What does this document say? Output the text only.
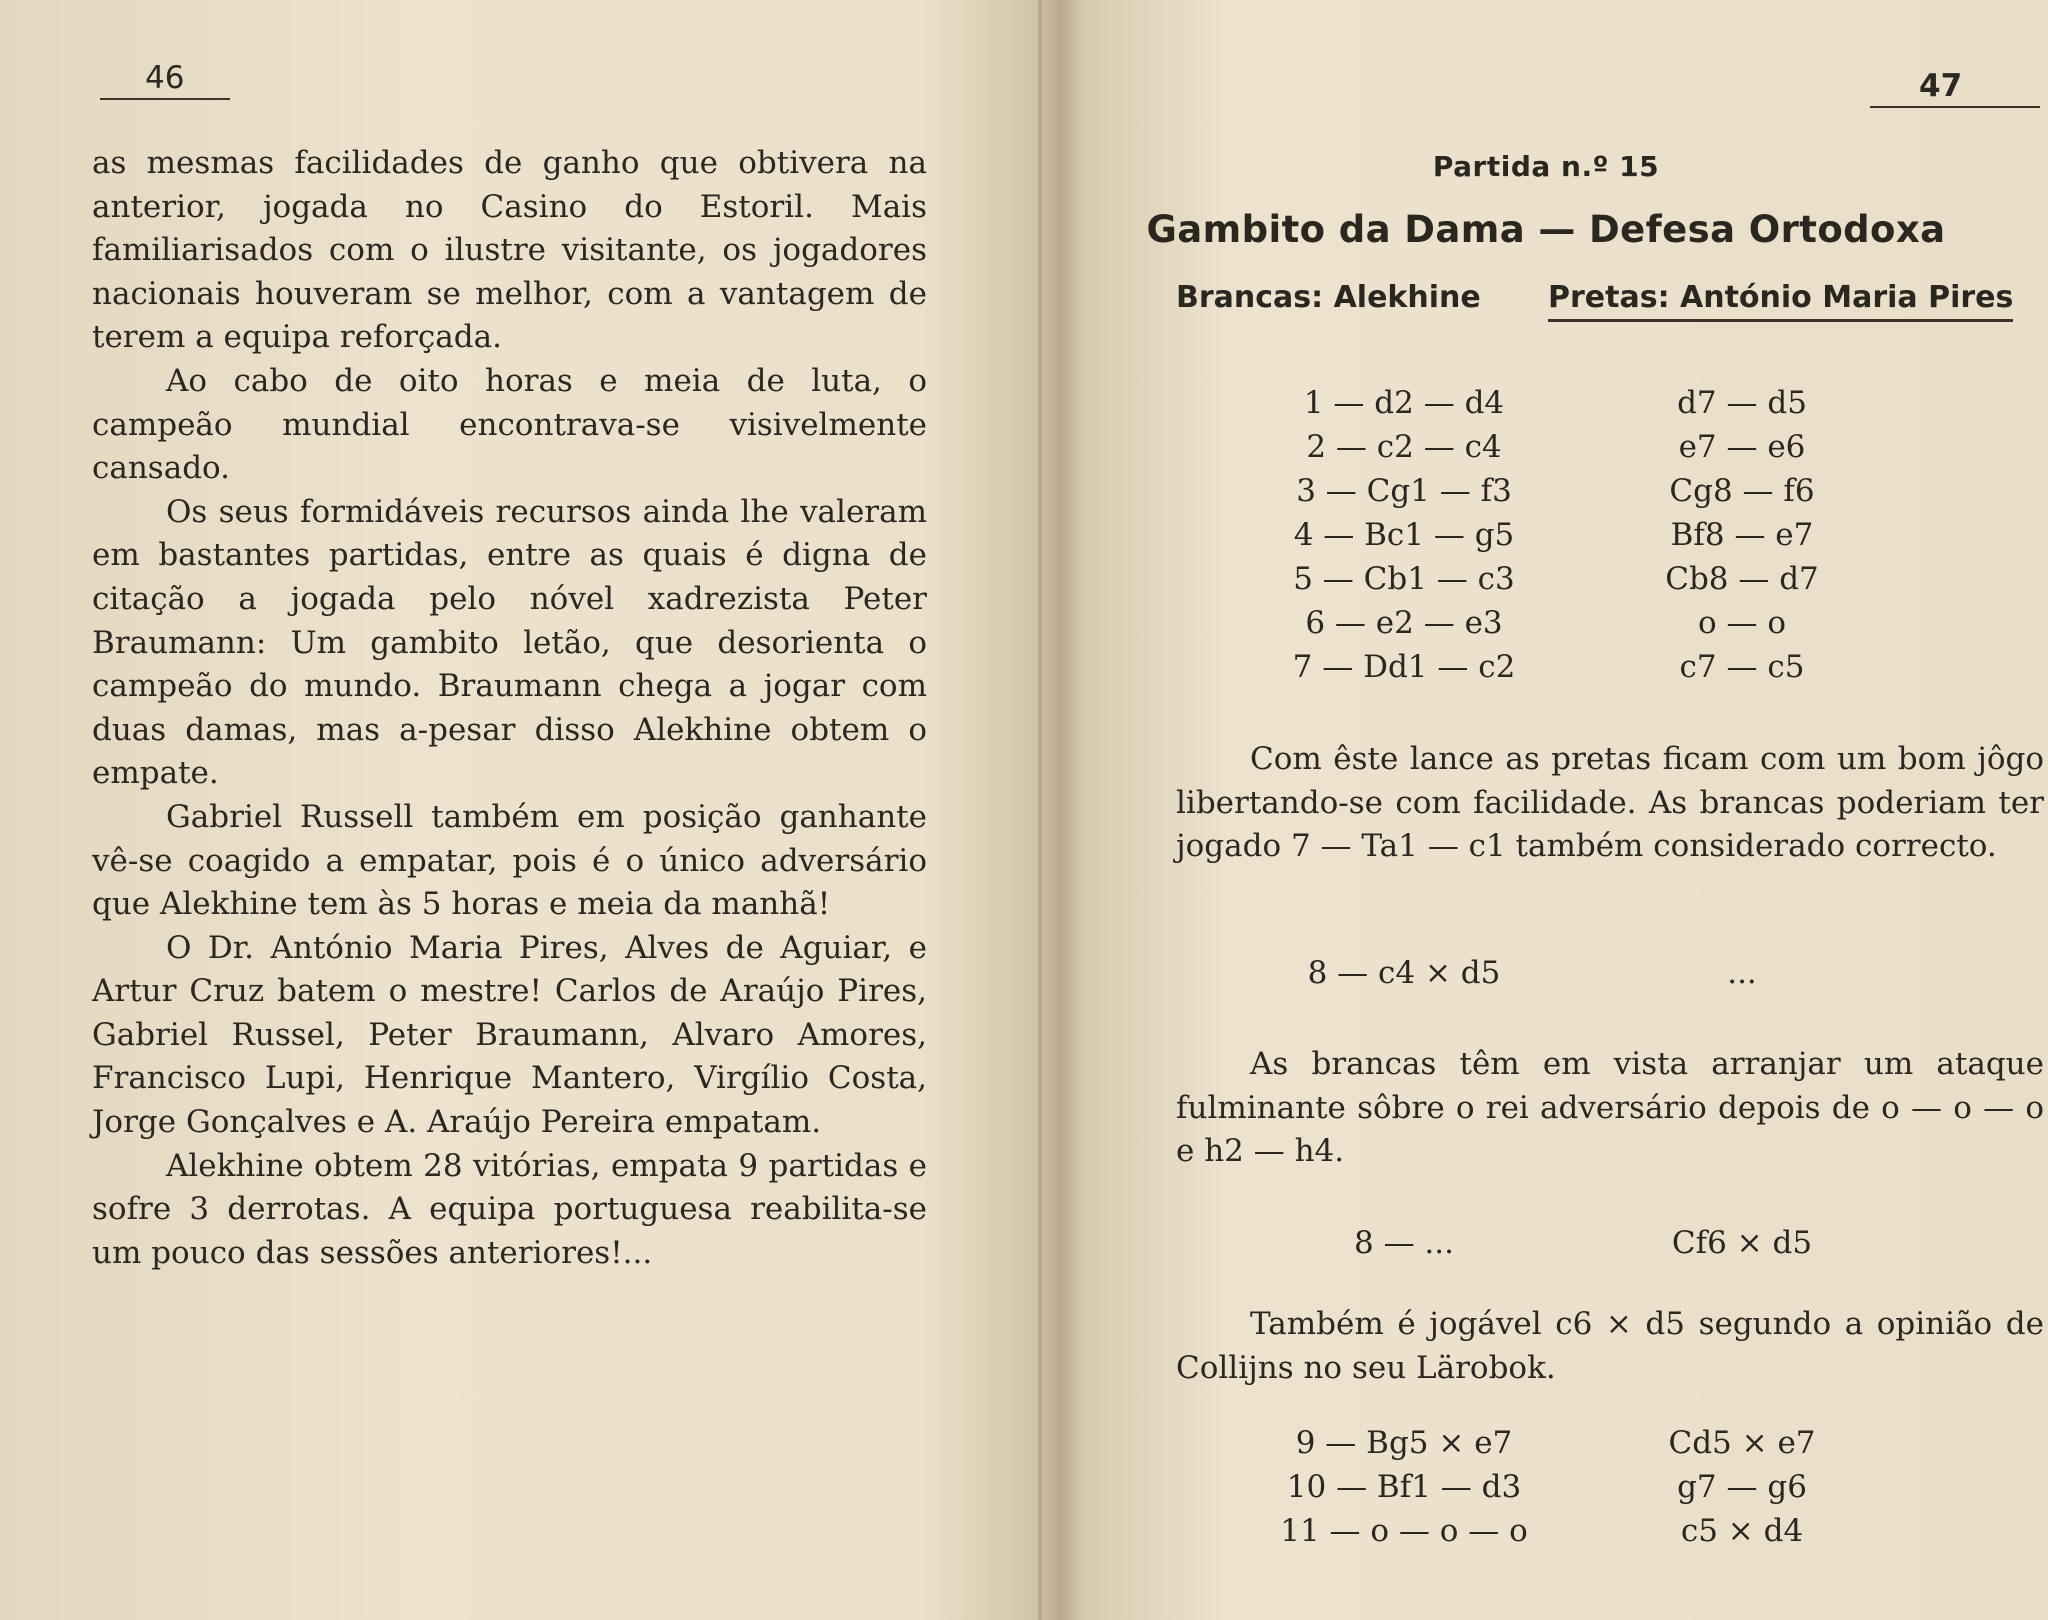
46

as mesmas facilidades de ganho que obtivera na anterior, jogada no Casino do Estoril. Mais familiarisados com o ilustre visitante, os jogadores nacionais houveram se melhor, com a vantagem de terem a equipa reforçada.

Ao cabo de oito horas e meia de luta, o campeão mundial encontrava-se visivelmente cansado.

Os seus formidáveis recursos ainda lhe valeram em bastantes partidas, entre as quais é digna de citação a jogada pelo nóvel xadrezista Peter Braumann: Um gambito letão, que desorienta o campeão do mundo. Braumann chega a jogar com duas damas, mas a-pesar disso Alekhine obtem o empate.

Gabriel Russell também em posição ganhante vê-se coagido a empatar, pois é o único adversário que Alekhine tem às 5 horas e meia da manhã!

O Dr. António Maria Pires, Alves de Aguiar, e Artur Cruz batem o mestre! Carlos de Araújo Pires, Gabriel Russel, Peter Braumann, Alvaro Amores, Francisco Lupi, Henrique Mantero, Virgílio Costa, Jorge Gonçalves e A. Araújo Pereira empatam.

Alekhine obtem 28 vitórias, empata 9 partidas e sofre 3 derrotas. A equipa portuguesa reabilita-se um pouco das sessões anteriores!...

47
Partida n.º 15
Gambito da Dama — Defesa Ortodoxa
Brancas: Alekhine Pretas: António Maria Pires
1 — d2 — d4	d7 — d5
2 — c2 — c4	e7 — e6
3 — Cg1 — f3	Cg8 — f6
4 — Bc1 — g5	Bf8 — e7
5 — Cb1 — c3	Cb8 — d7
6 — e2 — e3	o — o
7 — Dd1 — c2	c7 — c5

Com êste lance as pretas ficam com um bom jôgo libertando-se com facilidade. As brancas poderiam ter jogado 7 — Ta1 — c1 também considerado correcto.

8 — c4 × d5	...

As brancas têm em vista arranjar um ataque fulminante sôbre o rei adversário depois de o — o — o e h2 — h4.

8 — ...	Cf6 × d5

Também é jogável c6 × d5 segundo a opinião de Collijns no seu Lärobok.

9 — Bg5 × e7	Cd5 × e7
10 — Bf1 — d3	g7 — g6
11 — o — o — o	c5 × d4
